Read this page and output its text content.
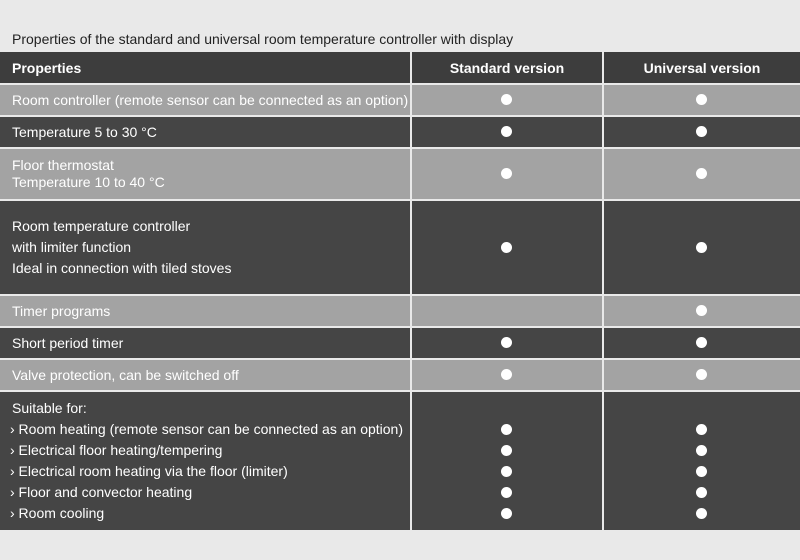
Properties of the standard and universal room temperature controller with display
Properties	Standard version	Universal version
Room controller (remote sensor can be connected as an option)
Temperature 5 to 30 °C
Floor thermostat
Temperature 10 to 40 °C
Room temperature controller
with limiter function
Ideal in connection with tiled stoves
Timer programs
Short period timer
Valve protection, can be switched off
Suitable for:
› Room heating (remote sensor can be connected as an option)
› Electrical floor heating/tempering
› Electrical room heating via the floor (limiter)
› Floor and convector heating
› Room cooling
